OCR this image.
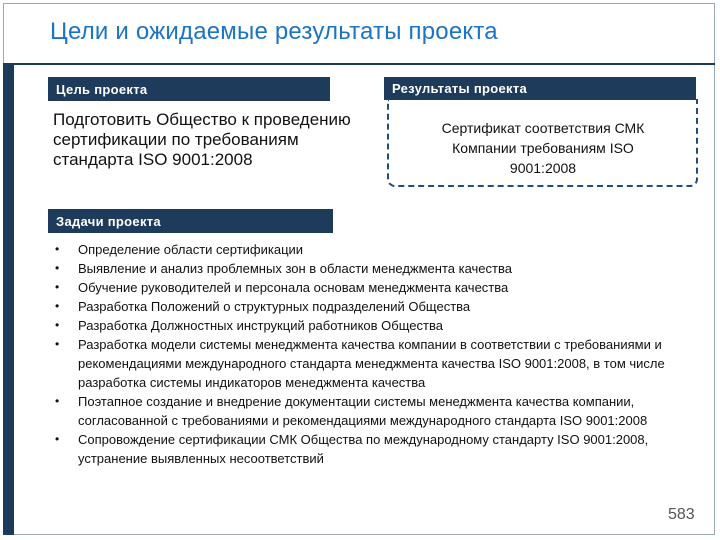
Цели и ожидаемые результаты проекта
Цель проекта
Подготовить Общество к проведению сертификации по требованиям стандарта ISO 9001:2008
Результаты проекта
Сертификат соответствия СМК Компании требованиям ISO 9001:2008
Задачи проекта
• Определение области сертификации
• Выявление и анализ проблемных зон в области менеджмента качества
• Обучение руководителей и персонала основам менеджмента качества
• Разработка Положений о структурных подразделений Общества
• Разработка Должностных инструкций работников Общества
• Разработка модели системы менеджмента качества компании в соответствии с требованиями и рекомендациями международного стандарта менеджмента качества ISO 9001:2008, в том числе разработка системы индикаторов менеджмента качества
• Поэтапное создание и внедрение документации системы менеджмента качества компании, согласованной с требованиями и рекомендациями международного стандарта ISO 9001:2008
• Сопровождение сертификации СМК Общества по международному стандарту ISO 9001:2008, устранение выявленных несоответствий
583
